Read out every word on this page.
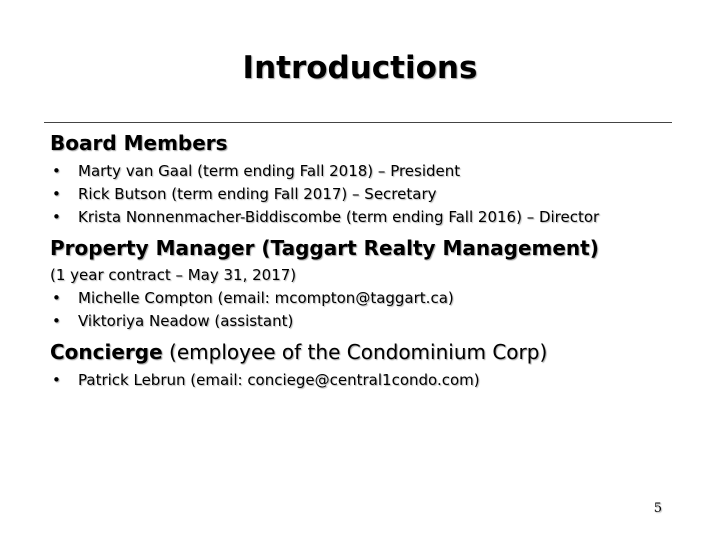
Introductions
Board Members
• Marty van Gaal (term ending Fall 2018) – President
• Rick Butson (term ending Fall 2017) – Secretary
• Krista Nonnenmacher-Biddiscombe (term ending Fall 2016) – Director
Property Manager (Taggart Realty Management)
(1 year contract – May 31, 2017)
• Michelle Compton (email: mcompton@taggart.ca)
• Viktoriya Neadow (assistant)
Concierge (employee of the Condominium Corp)
• Patrick Lebrun (email: conciege@central1condo.com)
5
